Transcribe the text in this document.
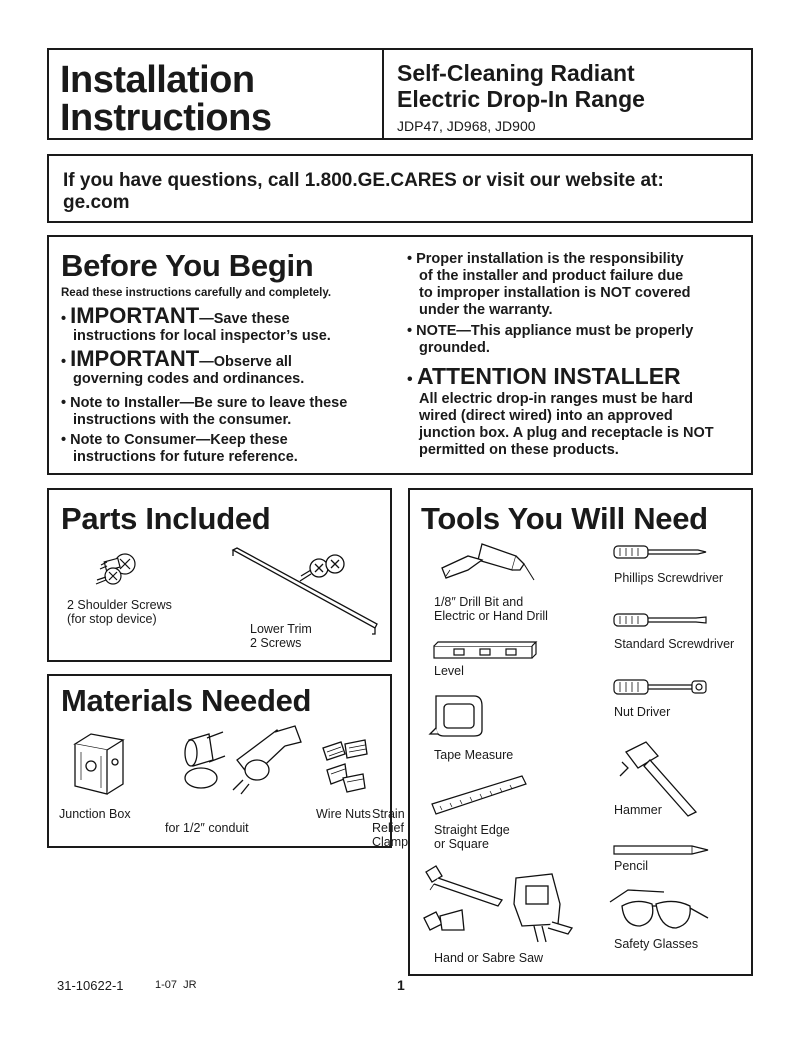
Installation
Instructions
Self-Cleaning Radiant
Electric Drop-In Range
JDP47, JD968, JD900
If you have questions, call 1.800.GE.CARES or visit our website at:
ge.com
Before You Begin
Read these instructions carefully and completely.
• IMPORTANT—Save these
instructions for local inspector’s use.
• IMPORTANT—Observe all
governing codes and ordinances.
• Note to Installer—Be sure to leave these
instructions with the consumer.
• Note to Consumer—Keep these
instructions for future reference.
• Proper installation is the responsibility
of the installer and product failure due
to improper installation is NOT covered
under the warranty.
• NOTE—This appliance must be properly
grounded.
• ATTENTION INSTALLER
All electric drop-in ranges must be hard
wired (direct wired) into an approved
junction box. A plug and receptacle is NOT
permitted on these products.
Parts Included
2 Shoulder Screws
(for stop device)
Lower Trim
2 Screws
Materials Needed
Junction Box	Strain Relief Clamp
for 1/2″ conduit
Wire Nuts
Tools You Will Need
1/8″ Drill Bit and
Electric or Hand Drill
Level
Tape Measure
Straight Edge
or Square
Hand or Sabre Saw
Phillips Screwdriver
Standard Screwdriver
Nut Driver
Hammer
Pencil
Safety Glasses
31-10622-1	1-07  JR	1
